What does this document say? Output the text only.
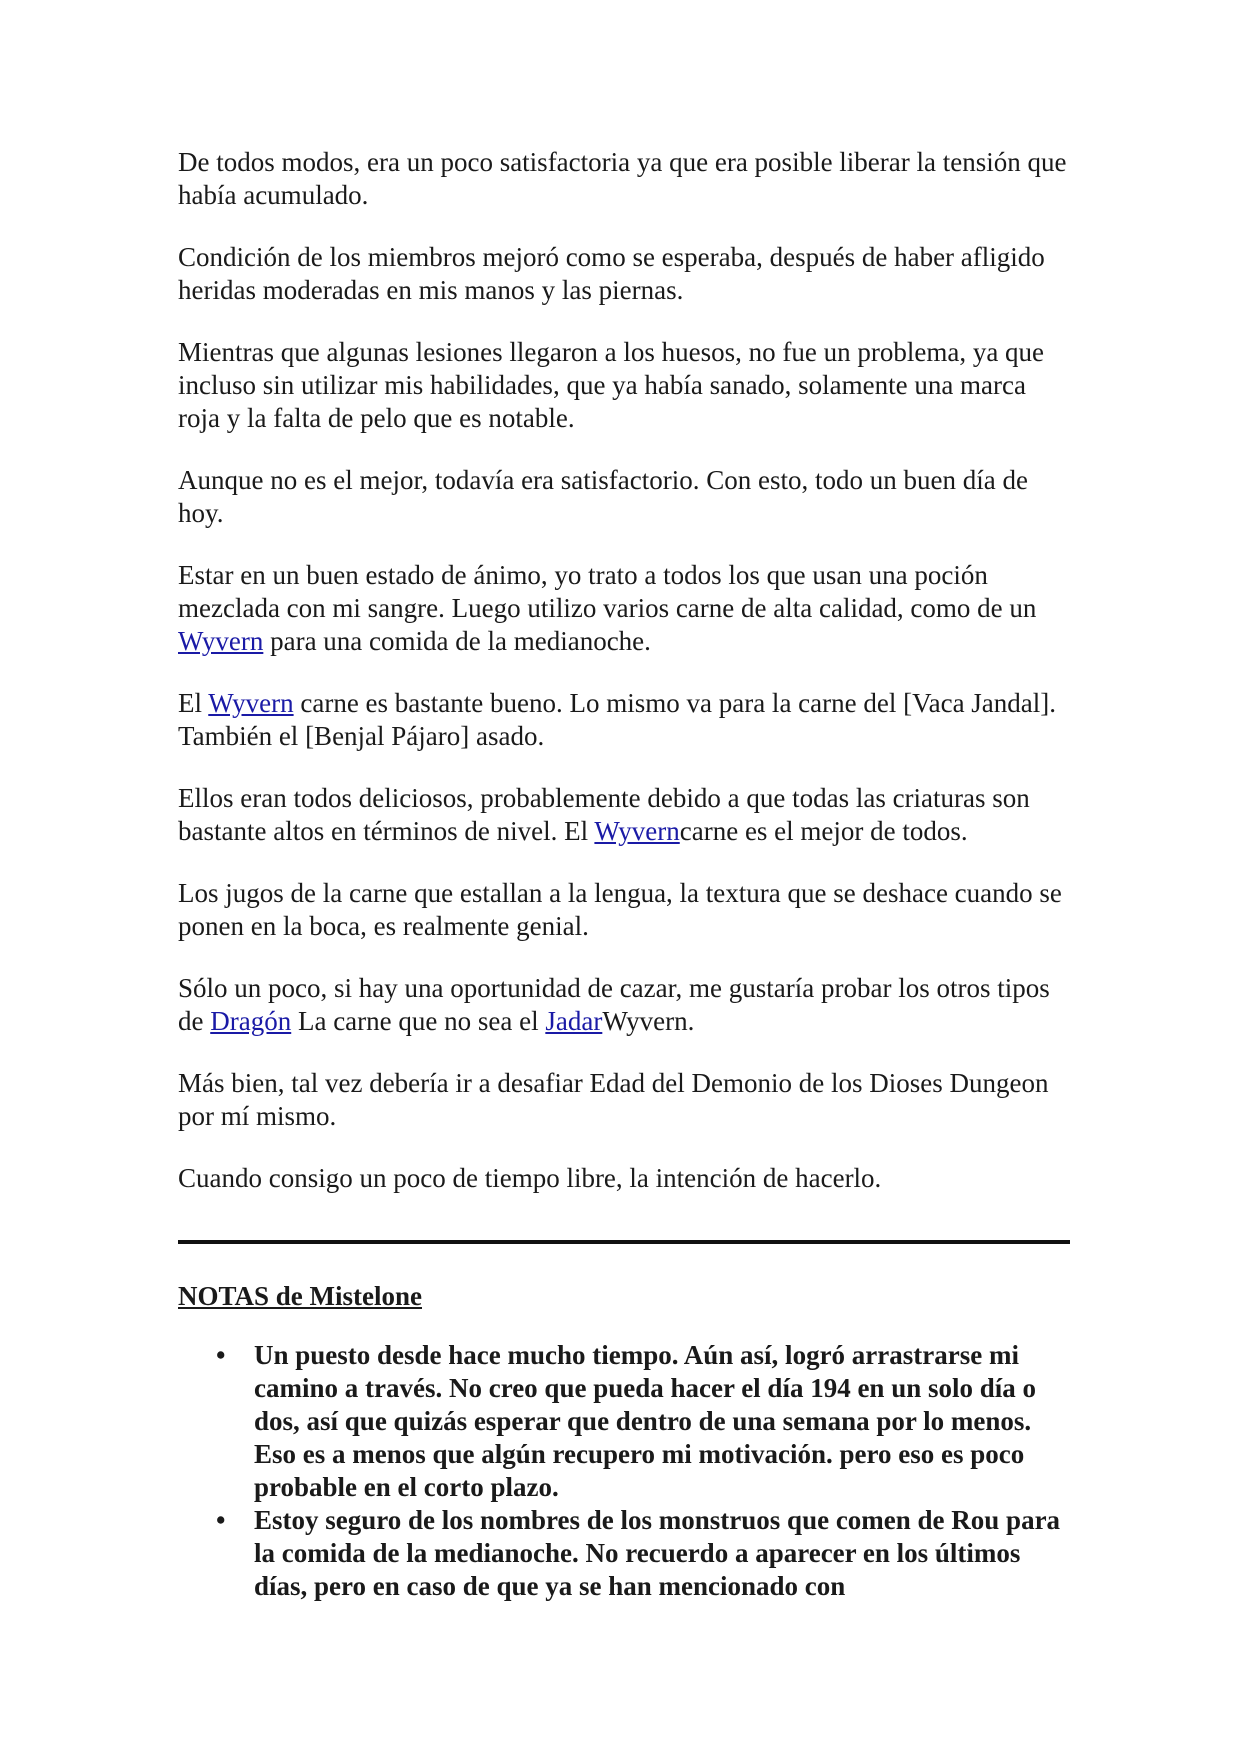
De todos modos, era un poco satisfactoria ya que era posible liberar la tensión que había acumulado.

Condición de los miembros mejoró como se esperaba, después de haber afligido heridas moderadas en mis manos y las piernas.

Mientras que algunas lesiones llegaron a los huesos, no fue un problema, ya que incluso sin utilizar mis habilidades, que ya había sanado, solamente una marca roja y la falta de pelo que es notable.

Aunque no es el mejor, todavía era satisfactorio. Con esto, todo un buen día de hoy.

Estar en un buen estado de ánimo, yo trato a todos los que usan una poción mezclada con mi sangre. Luego utilizo varios carne de alta calidad, como de un Wyvern para una comida de la medianoche.

El Wyvern carne es bastante bueno. Lo mismo va para la carne del [Vaca Jandal]. También el [Benjal Pájaro] asado.

Ellos eran todos deliciosos, probablemente debido a que todas las criaturas son bastante altos en términos de nivel. El Wyverncarne es el mejor de todos.

Los jugos de la carne que estallan a la lengua, la textura que se deshace cuando se ponen en la boca, es realmente genial.

Sólo un poco, si hay una oportunidad de cazar, me gustaría probar los otros tipos de Dragón La carne que no sea el JadarWyvern.

Más bien, tal vez debería ir a desafiar Edad del Demonio de los Dioses Dungeon por mí mismo.

Cuando consigo un poco de tiempo libre, la intención de hacerlo.

NOTAS de Mistelone
• Un puesto desde hace mucho tiempo. Aún así, logró arrastrarse mi camino a través. No creo que pueda hacer el día 194 en un solo día o dos, así que quizás esperar que dentro de una semana por lo menos. Eso es a menos que algún recupero mi motivación. pero eso es poco probable en el corto plazo.
• Estoy seguro de los nombres de los monstruos que comen de Rou para la comida de la medianoche. No recuerdo a aparecer en los últimos días, pero en caso de que ya se han mencionado con
